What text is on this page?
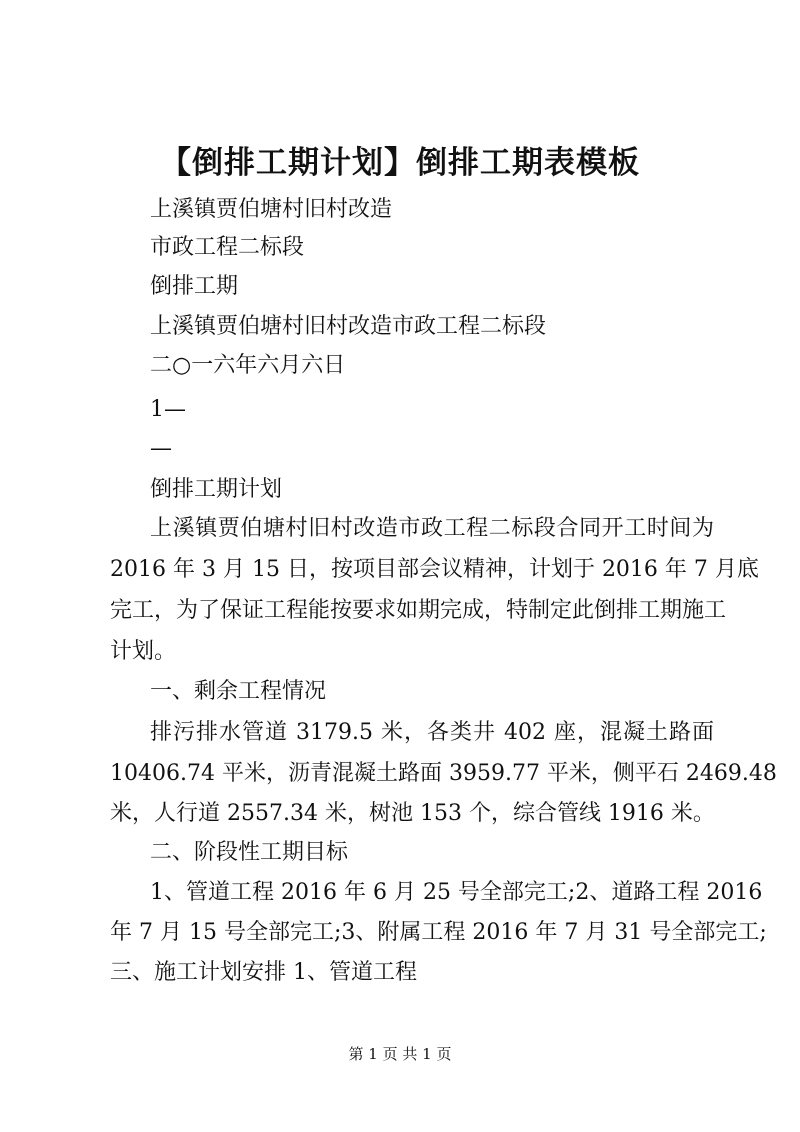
【倒排工期计划】倒排工期表模板
上溪镇贾伯塘村旧村改造
市政工程二标段
倒排工期
上溪镇贾伯塘村旧村改造市政工程二标段
二○一六年六月六日
1—
—
倒排工期计划
上溪镇贾伯塘村旧村改造市政工程二标段合同开工时间为
2016 年 3 月 15 日，按项目部会议精神，计划于 2016 年 7 月底
完工，为了保证工程能按要求如期完成，特制定此倒排工期施工
计划。
一、剩余工程情况
排污排水管道 3179.5 米，各类井 402 座，混凝土路面
10406.74 平米，沥青混凝土路面 3959.77 平米，侧平石 2469.48
米，人行道 2557.34 米，树池 153 个，综合管线 1916 米。
二、阶段性工期目标
1、管道工程 2016 年 6 月 25 号全部完工;2、道路工程 2016
年 7 月 15 号全部完工;3、附属工程 2016 年 7 月 31 号全部完工;
三、施工计划安排 1、管道工程
第 1 页 共 1 页
